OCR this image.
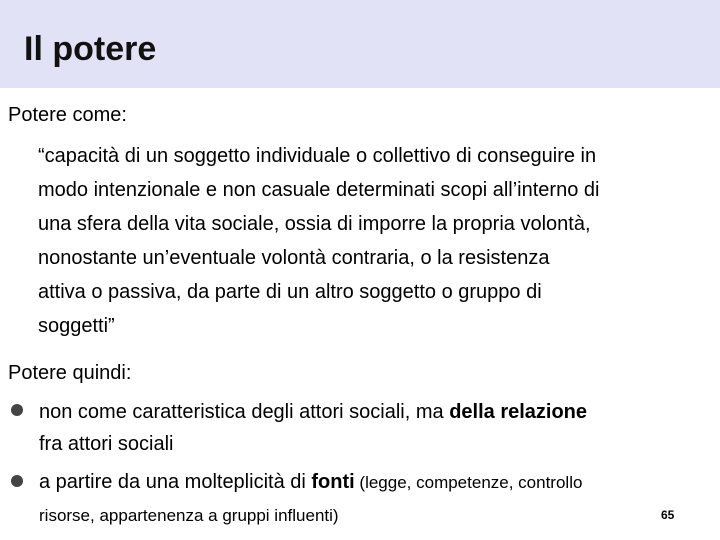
Il potere
Potere come:
“capacità di un soggetto individuale o collettivo di conseguire in
modo intenzionale e non casuale determinati scopi all’interno di
una sfera della vita sociale, ossia di imporre la propria volontà,
nonostante un’eventuale volontà contraria, o la resistenza
attiva o passiva, da parte di un altro soggetto o gruppo di
soggetti”
Potere quindi:
non come caratteristica degli attori sociali, ma della relazione
fra attori sociali
a partire da una molteplicità di fonti (legge, competenze, controllo
risorse, appartenenza a gruppi influenti)	65
